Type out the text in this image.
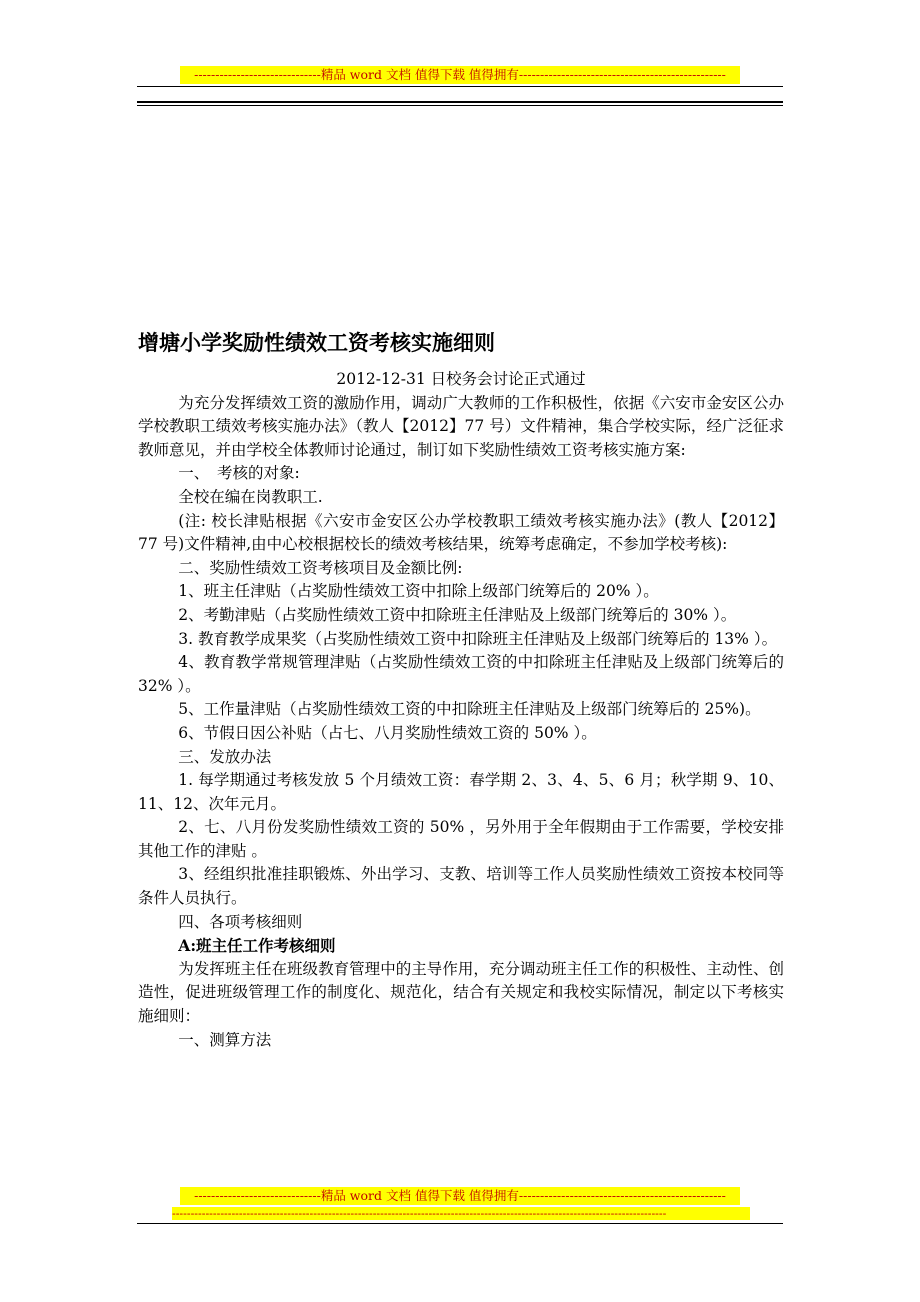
------------------------------精品 word 文档 值得下载 值得拥有-------------------------------------------------
增塘小学奖励性绩效工资考核实施细则

2012-12-31 日校务会讨论正式通过

为充分发挥绩效工资的激励作用，调动广大教师的工作积极性，依据《六安市金安区公办学校教职工绩效考核实施办法》（教人【2012】77 号）文件精神，集合学校实际，经广泛征求教师意见，并由学校全体教师讨论通过，制订如下奖励性绩效工资考核实施方案:

一、　考核的对象:

全校在编在岗教职工.

(注: 校长津贴根据《六安市金安区公办学校教职工绩效考核实施办法》(教人【2012】 77 号)文件精神,由中心校根据校长的绩效考核结果，统筹考虑确定，不参加学校考核):

二、奖励性绩效工资考核项目及金额比例:

1、班主任津贴（占奖励性绩效工资中扣除上级部门统筹后的 20% ）。

2、考勤津贴（占奖励性绩效工资中扣除班主任津贴及上级部门统筹后的 30% ）。

3. 教育教学成果奖（占奖励性绩效工资中扣除班主任津贴及上级部门统筹后的 13% ）。

4、教育教学常规管理津贴（占奖励性绩效工资的中扣除班主任津贴及上级部门统筹后的 32% ）。

5、工作量津贴（占奖励性绩效工资的中扣除班主任津贴及上级部门统筹后的 25%)。

6、节假日因公补贴（占七、八月奖励性绩效工资的 50% ）。

三、发放办法

1. 每学期通过考核发放 5 个月绩效工资：春学期 2、3、4、5、6 月；秋学期 9、10、11、12、次年元月。

2、七、八月份发奖励性绩效工资的 50% ，另外用于全年假期由于工作需要，学校安排其他工作的津贴 。

3、经组织批准挂职锻炼、外出学习、支教、培训等工作人员奖励性绩效工资按本校同等条件人员执行。

四、各项考核细则

A:班主任工作考核细则

为发挥班主任在班级教育管理中的主导作用，充分调动班主任工作的积极性、主动性、创造性，促进班级管理工作的制度化、规范化，结合有关规定和我校实际情况，制定以下考核实施细则：

一、测算方法

------------------------------精品 word 文档 值得下载 值得拥有-------------------------------------------------
-------------------------------------------------------------------------------------------------------------------------------------
